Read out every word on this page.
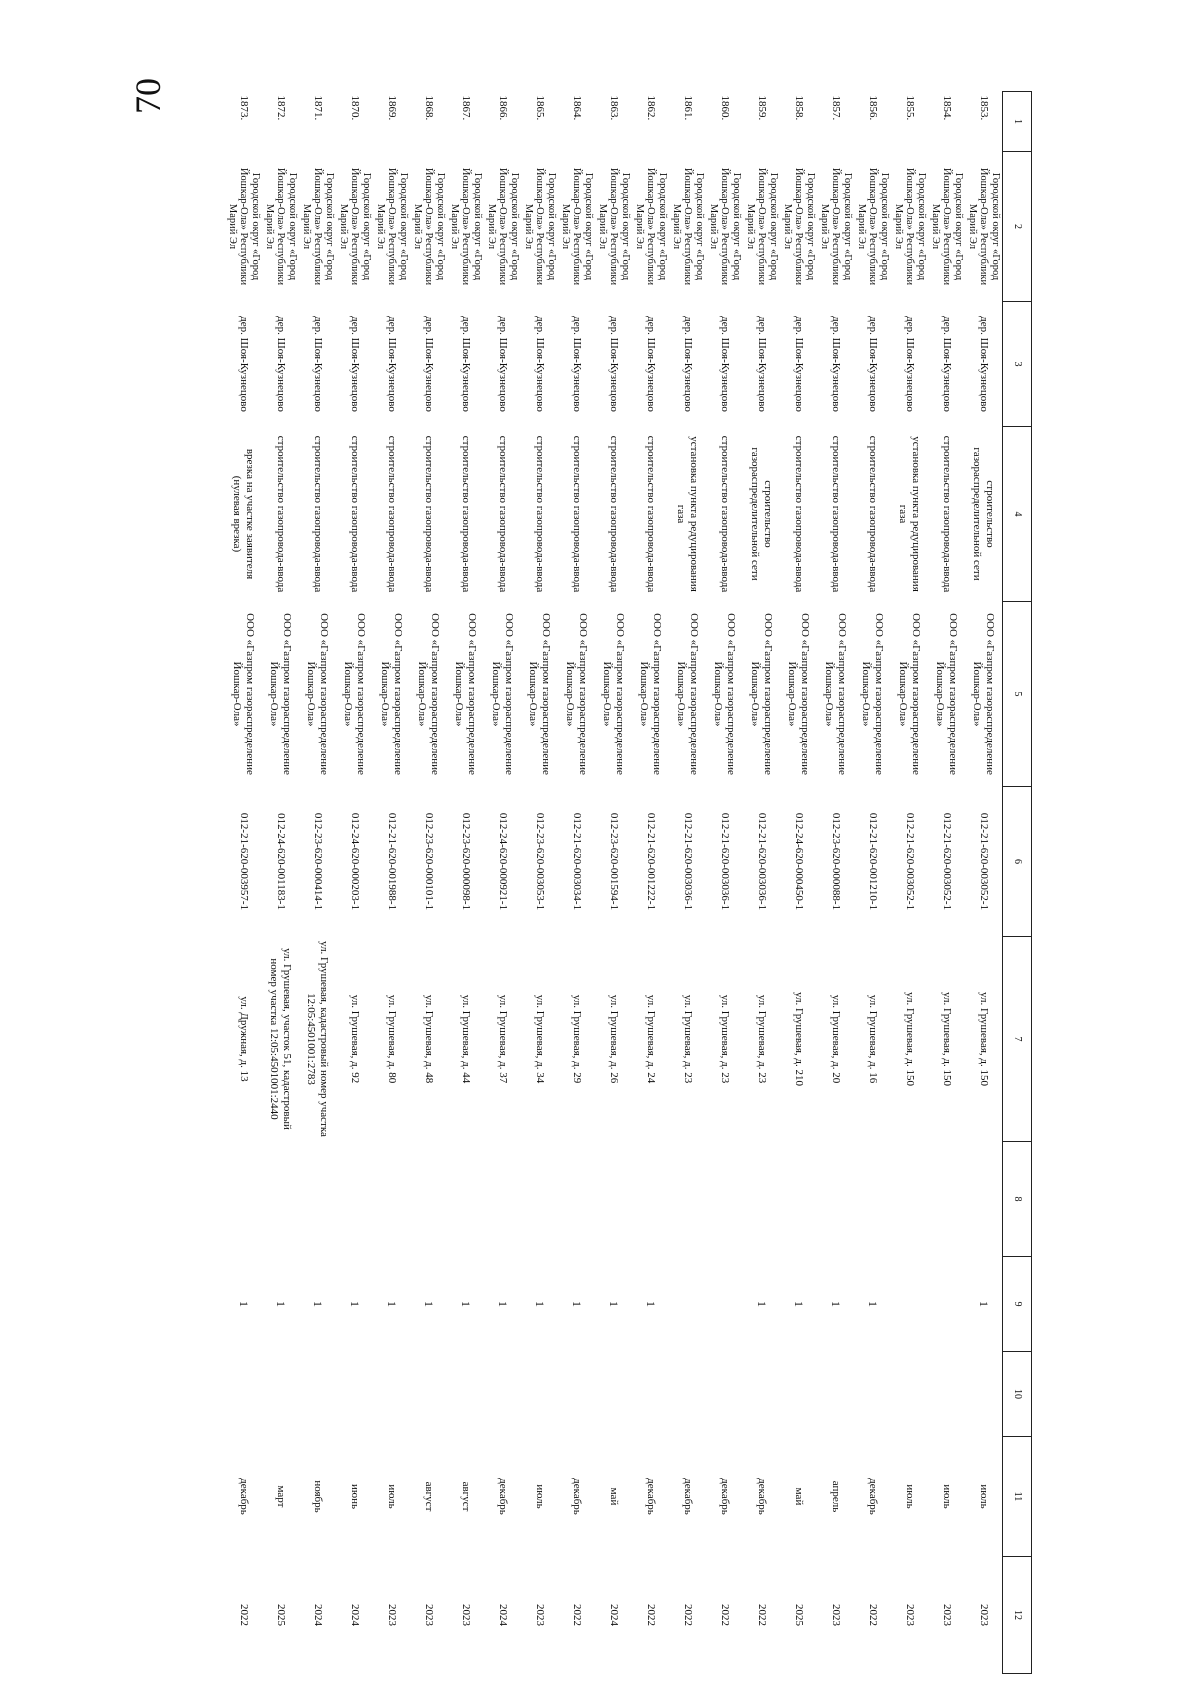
70
1	2	3	4	5	6	7	8	9	10	11	12
1853.	Городской округ «Город Йошкар-Ола» Республики Марий Эл	дер. Шоя-Кузнецово	строительство газораспределительной сети	ООО «Газпром газораспределение Йошкар-Ола»	012-21-620-003052-1	ул. Грушевая, д. 150		1		июль	2023
1854.	Городской округ «Город Йошкар-Ола» Республики Марий Эл	дер. Шоя-Кузнецово	строительство газопровода-ввода	ООО «Газпром газораспределение Йошкар-Ола»	012-21-620-003052-1	ул. Грушевая, д. 150				июль	2023
1855.	Городской округ «Город Йошкар-Ола» Республики Марий Эл	дер. Шоя-Кузнецово	установка пункта редуцирования газа	ООО «Газпром газораспределение Йошкар-Ола»	012-21-620-003052-1	ул. Грушевая, д. 150				июль	2023
1856.	Городской округ «Город Йошкар-Ола» Республики Марий Эл	дер. Шоя-Кузнецово	строительство газопровода-ввода	ООО «Газпром газораспределение Йошкар-Ола»	012-21-620-001210-1	ул. Грушевая, д. 16		1		декабрь	2022
1857.	Городской округ «Город Йошкар-Ола» Республики Марий Эл	дер. Шоя-Кузнецово	строительство газопровода-ввода	ООО «Газпром газораспределение Йошкар-Ола»	012-23-620-000088-1	ул. Грушевая, д. 20		1		апрель	2023
1858.	Городской округ «Город Йошкар-Ола» Республики Марий Эл	дер. Шоя-Кузнецово	строительство газопровода-ввода	ООО «Газпром газораспределение Йошкар-Ола»	012-24-620-000450-1	ул. Грушевая, д. 210		1		май	2025
1859.	Городской округ «Город Йошкар-Ола» Республики Марий Эл	дер. Шоя-Кузнецово	строительство газораспределительной сети	ООО «Газпром газораспределение Йошкар-Ола»	012-21-620-003036-1	ул. Грушевая, д. 23		1		декабрь	2022
1860.	Городской округ «Город Йошкар-Ола» Республики Марий Эл	дер. Шоя-Кузнецово	строительство газопровода-ввода	ООО «Газпром газораспределение Йошкар-Ола»	012-21-620-003036-1	ул. Грушевая, д. 23				декабрь	2022
1861.	Городской округ «Город Йошкар-Ола» Республики Марий Эл	дер. Шоя-Кузнецово	установка пункта редуцирования газа	ООО «Газпром газораспределение Йошкар-Ола»	012-21-620-003036-1	ул. Грушевая, д. 23				декабрь	2022
1862.	Городской округ «Город Йошкар-Ола» Республики Марий Эл	дер. Шоя-Кузнецово	строительство газопровода-ввода	ООО «Газпром газораспределение Йошкар-Ола»	012-21-620-001222-1	ул. Грушевая, д. 24		1		декабрь	2022
1863.	Городской округ «Город Йошкар-Ола» Республики Марий Эл	дер. Шоя-Кузнецово	строительство газопровода-ввода	ООО «Газпром газораспределение Йошкар-Ола»	012-23-620-001594-1	ул. Грушевая, д. 26		1		май	2024
1864.	Городской округ «Город Йошкар-Ола» Республики Марий Эл	дер. Шоя-Кузнецово	строительство газопровода-ввода	ООО «Газпром газораспределение Йошкар-Ола»	012-21-620-003034-1	ул. Грушевая, д. 29		1		декабрь	2022
1865.	Городской округ «Город Йошкар-Ола» Республики Марий Эл	дер. Шоя-Кузнецово	строительство газопровода-ввода	ООО «Газпром газораспределение Йошкар-Ола»	012-23-620-003053-1	ул. Грушевая, д. 34		1		июль	2023
1866.	Городской округ «Город Йошкар-Ола» Республики Марий Эл	дер. Шоя-Кузнецово	строительство газопровода-ввода	ООО «Газпром газораспределение Йошкар-Ола»	012-24-620-000921-1	ул. Грушевая, д. 37		1		декабрь	2024
1867.	Городской округ «Город Йошкар-Ола» Республики Марий Эл	дер. Шоя-Кузнецово	строительство газопровода-ввода	ООО «Газпром газораспределение Йошкар-Ола»	012-23-620-000098-1	ул. Грушевая, д. 44		1		август	2023
1868.	Городской округ «Город Йошкар-Ола» Республики Марий Эл	дер. Шоя-Кузнецово	строительство газопровода-ввода	ООО «Газпром газораспределение Йошкар-Ола»	012-23-620-000101-1	ул. Грушевая, д. 48		1		август	2023
1869.	Городской округ «Город Йошкар-Ола» Республики Марий Эл	дер. Шоя-Кузнецово	строительство газопровода-ввода	ООО «Газпром газораспределение Йошкар-Ола»	012-21-620-001988-1	ул. Грушевая, д. 80		1		июль	2023
1870.	Городской округ «Город Йошкар-Ола» Республики Марий Эл	дер. Шоя-Кузнецово	строительство газопровода-ввода	ООО «Газпром газораспределение Йошкар-Ола»	012-24-620-000203-1	ул. Грушевая, д. 92		1		июнь	2024
1871.	Городской округ «Город Йошкар-Ола» Республики Марий Эл	дер. Шоя-Кузнецово	строительство газопровода-ввода	ООО «Газпром газораспределение Йошкар-Ола»	012-23-620-000414-1	ул. Грушевая, кадастровый номер участка 12:05:4501001:2783		1		ноябрь	2024
1872.	Городской округ «Город Йошкар-Ола» Республики Марий Эл	дер. Шоя-Кузнецово	строительство газопровода-ввода	ООО «Газпром газораспределение Йошкар-Ола»	012-24-620-001183-1	ул. Грушевая, участок 51, кадастровый номер участка 12:05:4501001:2440		1		март	2025
1873.	Городской округ «Город Йошкар-Ола» Республики Марий Эл	дер. Шоя-Кузнецово	врезка на участке заявителя (нулевая врезка)	ООО «Газпром газораспределение Йошкар-Ола»	012-21-620-003957-1	ул. Дружная, д. 13		1		декабрь	2022
